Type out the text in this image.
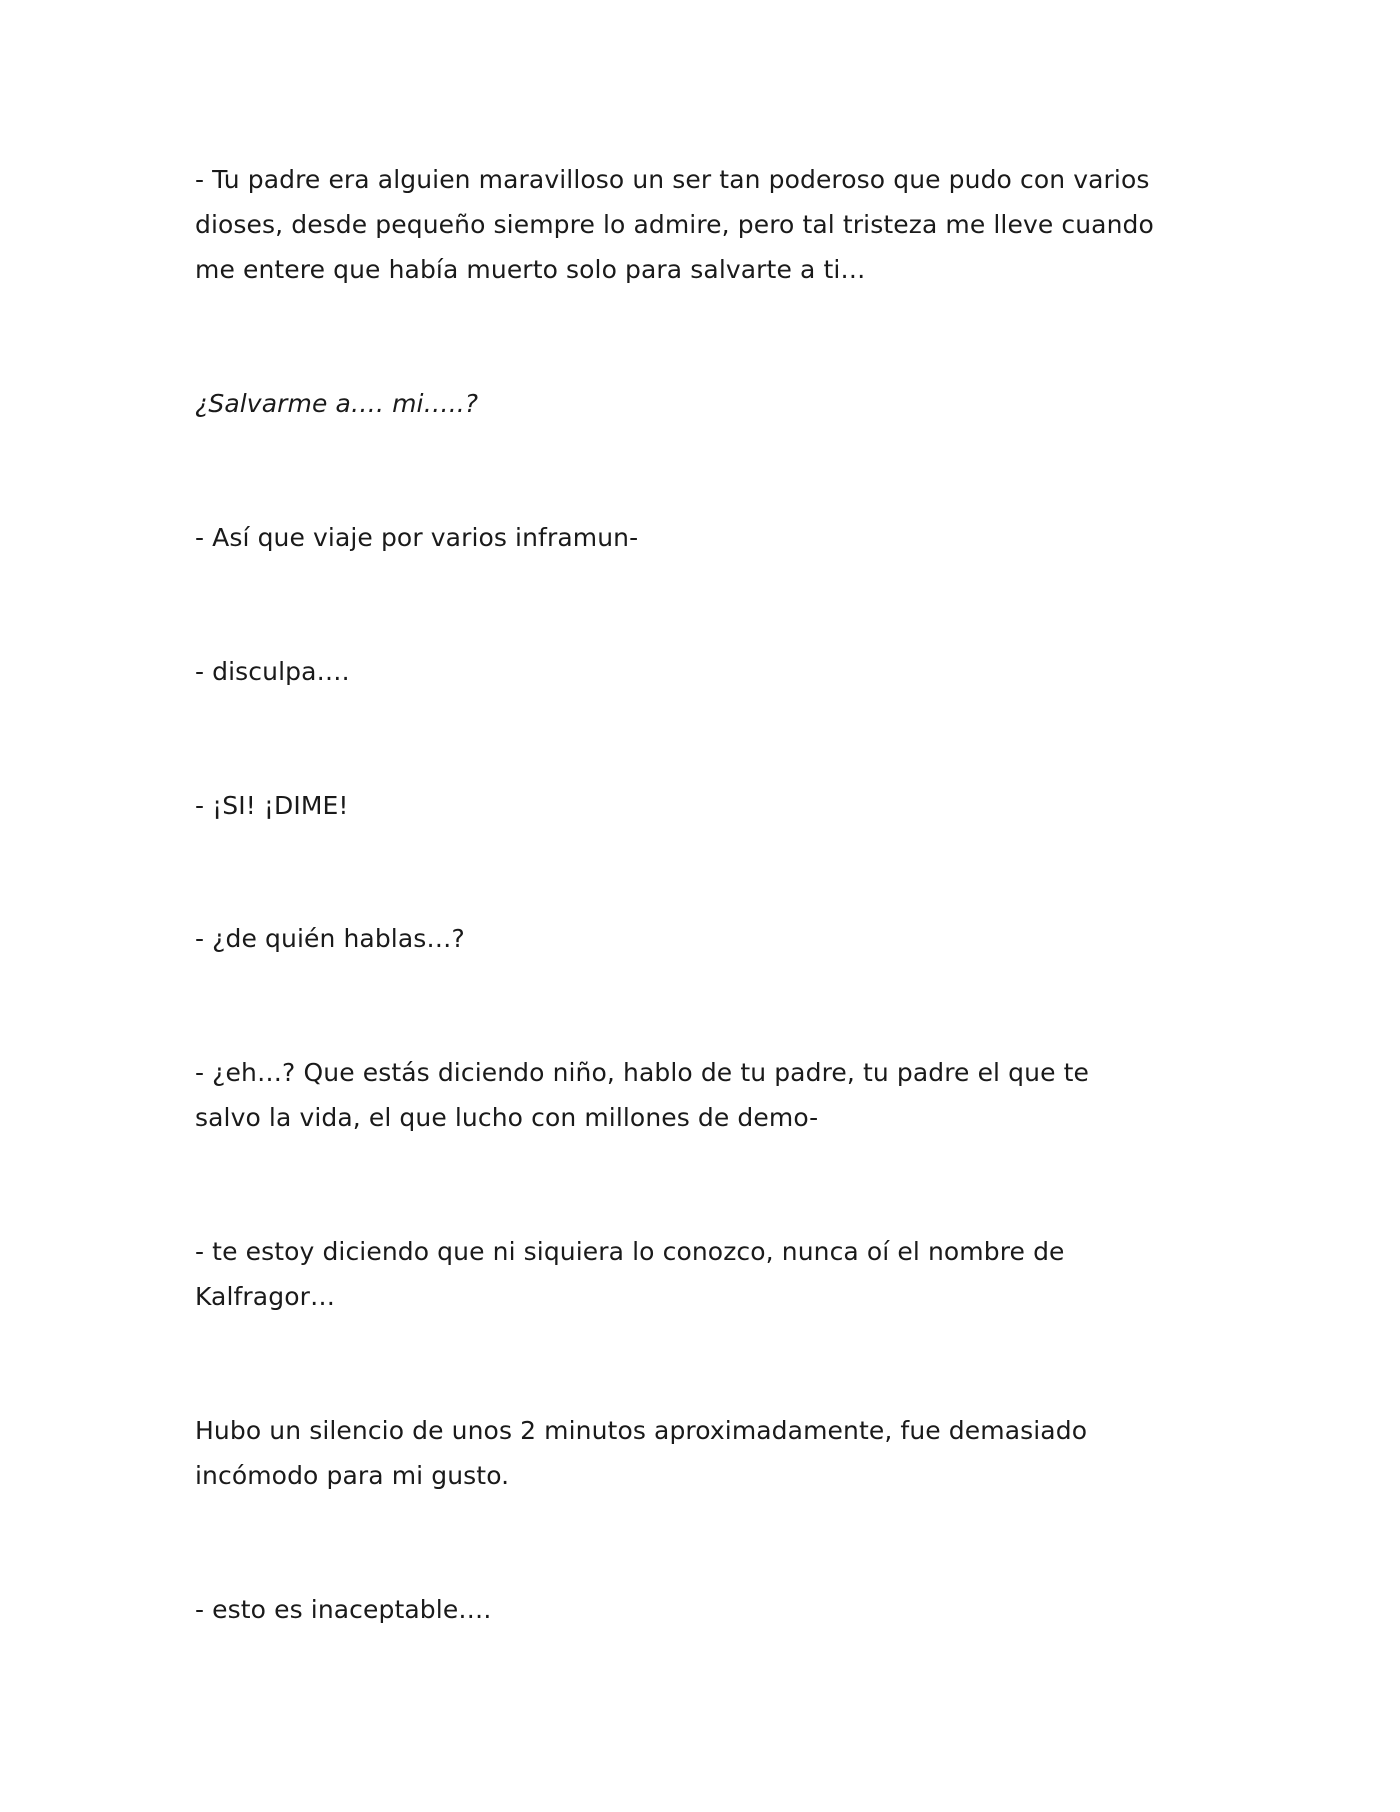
- Tu padre era alguien maravilloso un ser tan poderoso que pudo con varios
dioses, desde pequeño siempre lo admire, pero tal tristeza me lleve cuando
me entere que había muerto solo para salvarte a ti…

¿Salvarme a…. mi…..?

- Así que viaje por varios inframun-

- disculpa….

- ¡SI! ¡DIME!

- ¿de quién hablas…?

- ¿eh…? Que estás diciendo niño, hablo de tu padre, tu padre el que te
salvo la vida, el que lucho con millones de demo-

- te estoy diciendo que ni siquiera lo conozco, nunca oí el nombre de
Kalfragor…

Hubo un silencio de unos 2 minutos aproximadamente, fue demasiado
incómodo para mi gusto.

- esto es inaceptable….
